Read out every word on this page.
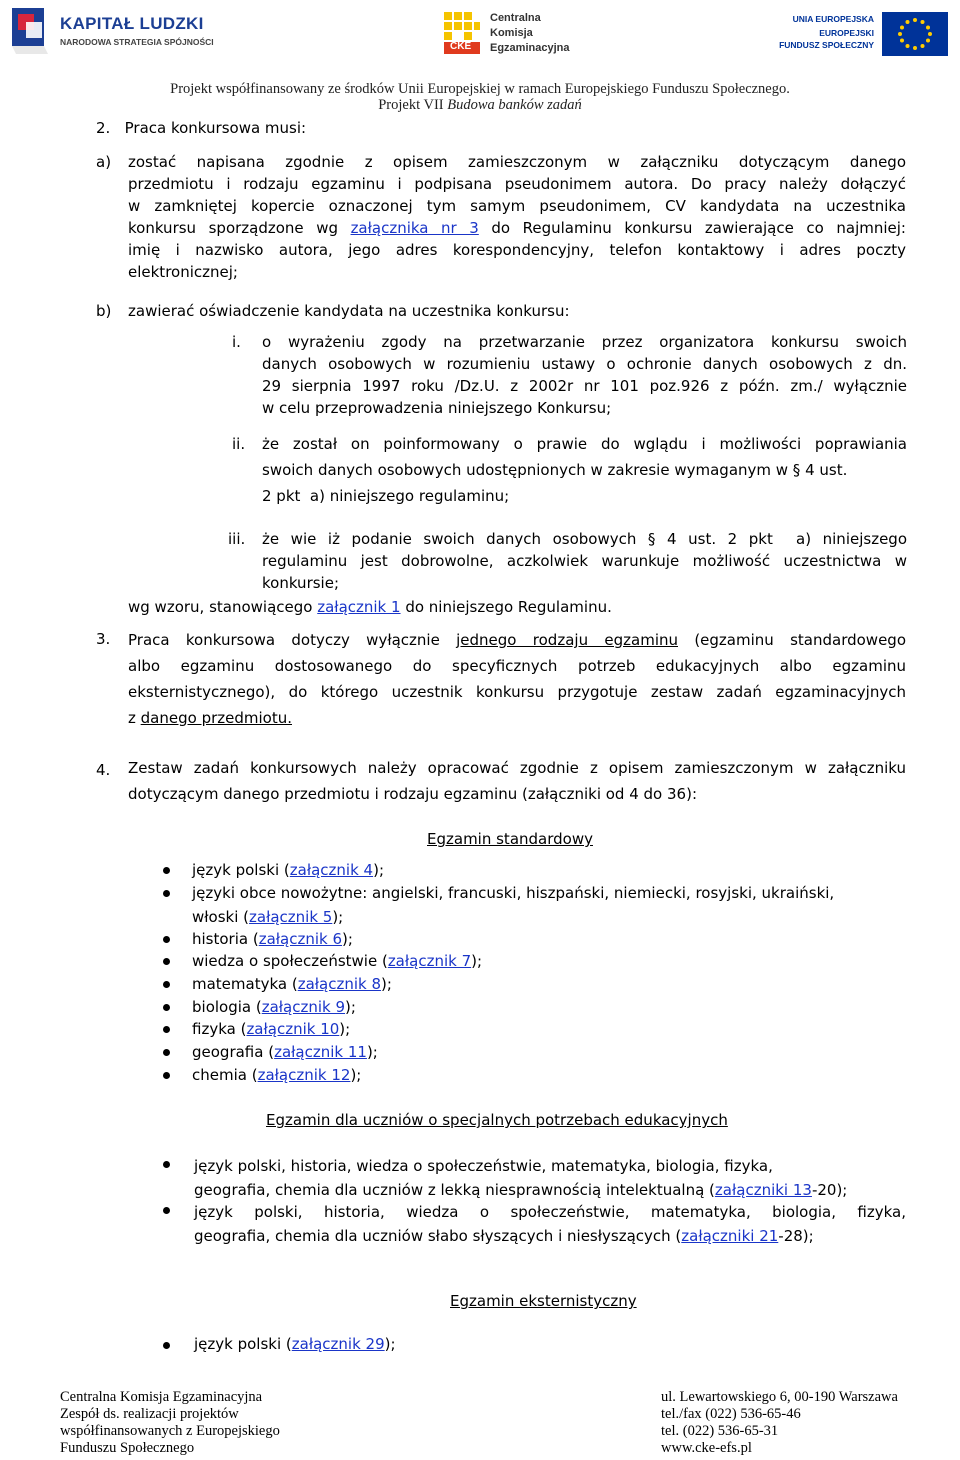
KAPITAŁ LUDZKI
NARODOWA STRATEGIA SPÓJNOŚCI	CKE
Centralna
Komisja
Egzaminacyjna
UNIA EUROPEJSKA
EUROPEJSKI
FUNDUSZ SPOŁECZNY
Projekt współfinansowany ze środków Unii Europejskiej w ramach Europejskiego Funduszu Społecznego.
Projekt VII Budowa banków zadań
2.   Praca konkursowa musi:
a) zostać napisana zgodnie z opisem zamieszczonym w załączniku dotyczącym danego
przedmiotu i rodzaju egzaminu i podpisana pseudonimem autora. Do pracy należy dołączyć
w zamkniętej kopercie oznaczonej tym samym pseudonimem, CV kandydata na uczestnika
konkursu sporządzone wg załącznika nr 3 do Regulaminu konkursu zawierające co najmniej:
imię i nazwisko autora, jego adres korespondencyjny, telefon kontaktowy i adres poczty
elektronicznej;
b) zawierać oświadczenie kandydata na uczestnika konkursu:
i. o wyrażeniu zgody na przetwarzanie przez organizatora konkursu swoich
danych osobowych w rozumieniu ustawy o ochronie danych osobowych z dn.
29 sierpnia 1997 roku /Dz.U. z 2002r nr 101 poz.926 z późn. zm./ wyłącznie
w celu przeprowadzenia niniejszego Konkursu;
ii. że został on poinformowany o prawie do wglądu i możliwości poprawiania
swoich danych osobowych udostępnionych w zakresie wymaganym w § 4 ust.
2 pkt  a) niniejszego regulaminu;
iii. że wie iż podanie swoich danych osobowych § 4 ust. 2 pkt  a) niniejszego
regulaminu jest dobrowolne, aczkolwiek warunkuje możliwość uczestnictwa w
konkursie;
wg wzoru, stanowiącego załącznik 1 do niniejszego Regulaminu.
3. Praca konkursowa dotyczy wyłącznie jednego rodzaju egzaminu (egzaminu standardowego
albo egzaminu dostosowanego do specyficznych potrzeb edukacyjnych albo egzaminu
eksternistycznego), do którego uczestnik konkursu przygotuje zestaw zadań egzaminacyjnych
z danego przedmiotu.
4. Zestaw zadań konkursowych należy opracować zgodnie z opisem zamieszczonym w załączniku
dotyczącym danego przedmiotu i rodzaju egzaminu (załączniki od 4 do 36):
Egzamin standardowy
język polski (załącznik 4);
języki obce nowożytne: angielski, francuski, hiszpański, niemiecki, rosyjski, ukraiński,
włoski (załącznik 5);
historia (załącznik 6);
wiedza o społeczeństwie (załącznik 7);
matematyka (załącznik 8);
biologia (załącznik 9);
fizyka (załącznik 10);
geografia (załącznik 11);
chemia (załącznik 12);
Egzamin dla uczniów o specjalnych potrzebach edukacyjnych
język polski, historia, wiedza o społeczeństwie, matematyka, biologia, fizyka,
geografia, chemia dla uczniów z lekką niesprawnością intelektualną (załączniki 13-20);
język polski, historia, wiedza o społeczeństwie, matematyka, biologia, fizyka,
geografia, chemia dla uczniów słabo słyszących i niesłyszących (załączniki 21-28);
Egzamin eksternistyczny
język polski (załącznik 29);
Centralna Komisja Egzaminacyjna
Zespół ds. realizacji projektów
współfinansowanych z Europejskiego
Funduszu Społecznego
ul. Lewartowskiego 6, 00-190 Warszawa
tel./fax (022) 536-65-46
tel. (022) 536-65-31
www.cke-efs.pl
